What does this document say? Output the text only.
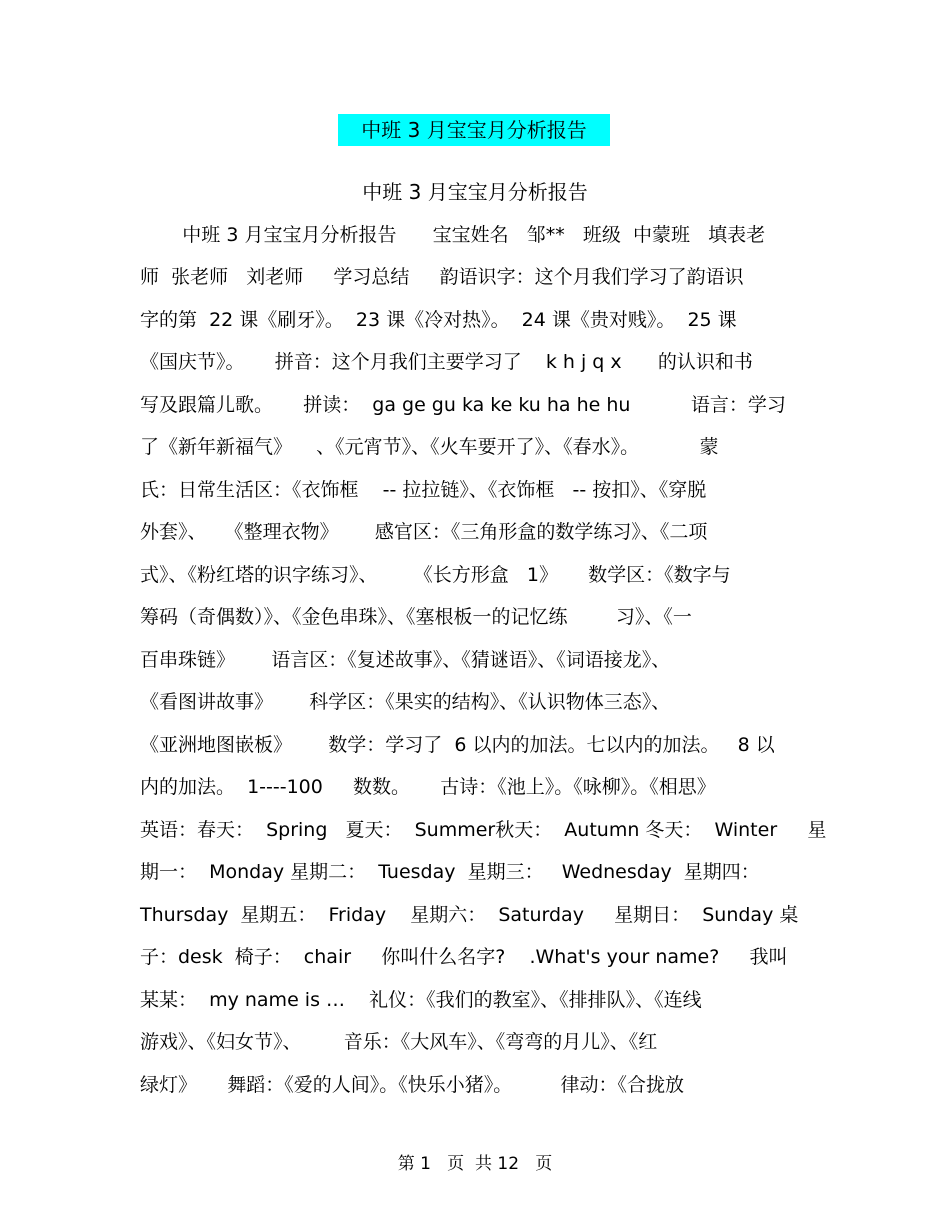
中班 3 月宝宝月分析报告
中班 3 月宝宝月分析报告
中班 3 月宝宝月分析报告      宝宝姓名   邹**   班级  中蒙班   填表老
师  张老师   刘老师     学习总结     韵语识字：这个月我们学习了韵语识
字的第  22 课《刷牙》。  23 课《冷对热》。  24 课《贵对贱》。  25 课
《国庆节》。     拼音：这个月我们主要学习了    k h j q x      的认识和书
写及跟篇儿歌。     拼读：  ga ge gu ka ke ku ha he hu          语言：学习
了《新年新福气》    、《元宵节》、《火车要开了》、《春水》。          蒙
氏：日常生活区：《衣饰框    -- 拉拉链》、《衣饰框   -- 按扣》、《穿脱
外套》、   《整理衣物》      感官区：《三角形盒的数学练习》、《二项
式》、《粉红塔的识字练习》、      《长方形盒   1》     数学区：《数字与
筹码（奇偶数）》、《金色串珠》、《塞根板一的记忆练        习》、《一
百串珠链》      语言区：《复述故事》、《猜谜语》、《词语接龙》、
《看图讲故事》      科学区：《果实的结构》、《认识物体三态》、
《亚洲地图嵌板》      数学：学习了  6 以内的加法。七以内的加法。   8 以
内的加法。  1----100     数数。     古诗：《池上》。《咏柳》。《相思》
英语：春天：  Spring   夏天：  Summer秋天：  Autumn 冬天：  Winter     星
期一：  Monday 星期二：  Tuesday  星期三：   Wednesday  星期四：
Thursday  星期五：  Friday    星期六：  Saturday     星期日：  Sunday 桌
子：desk  椅子：  chair     你叫什么名字?    .What's your name?     我叫
某某：  my name is …    礼仪：《我们的教室》、《排排队》、《连线
游戏》、《妇女节》、       音乐：《大风车》、《弯弯的月儿》、《红
绿灯》     舞蹈：《爱的人间》。《快乐小猪》。        律动：《合拢放
第 1   页  共 12   页
